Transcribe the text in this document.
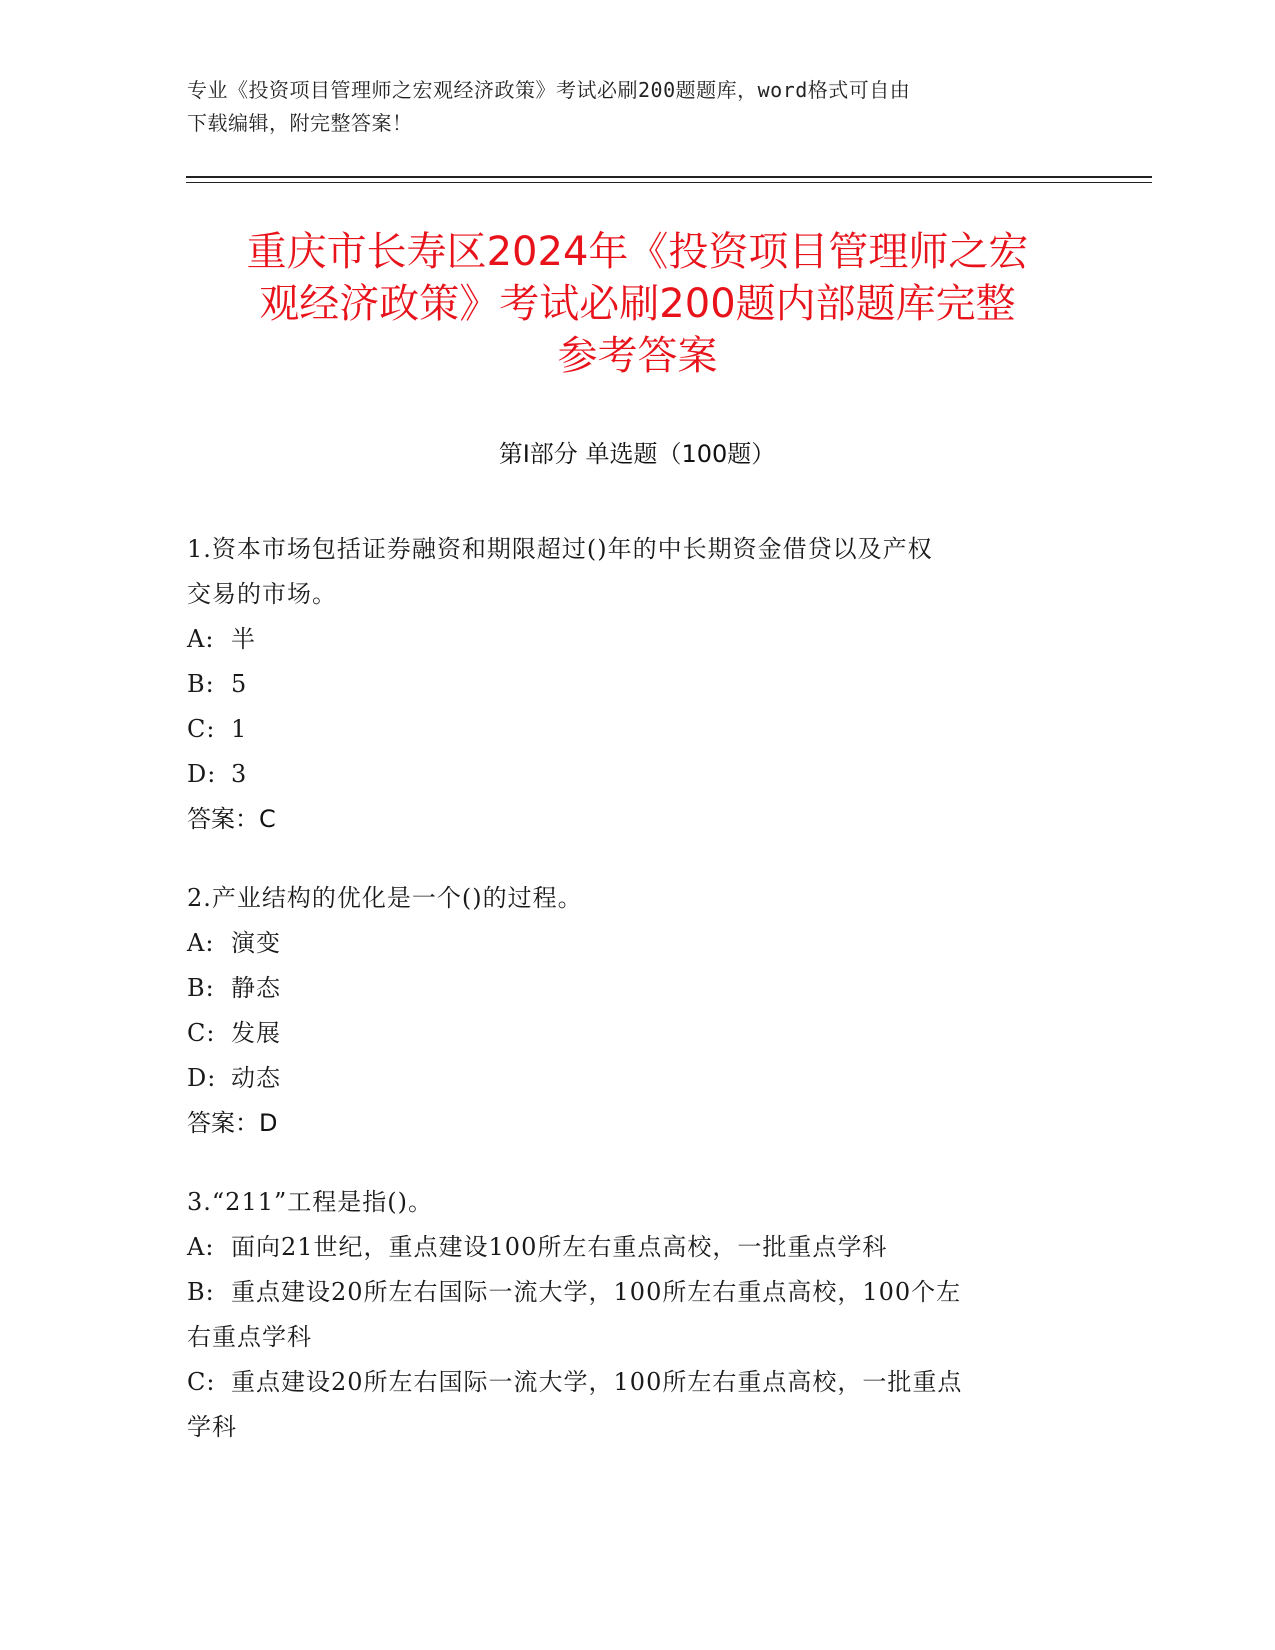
专业《投资项目管理师之宏观经济政策》考试必刷200题题库，word格式可自由
下载编辑，附完整答案！
重庆市长寿区2024年《投资项目管理师之宏
观经济政策》考试必刷200题内部题库完整
参考答案
第Ⅰ部分 单选题（100题）

1.资本市场包括证券融资和期限超过()年的中长期资金借贷以及产权

交易的市场。

A: 半

B: 5

C: 1

D: 3

答案：C

2.产业结构的优化是一个()的过程。

A: 演变

B: 静态

C: 发展

D: 动态

答案：D

3.“211”工程是指()。

A: 面向21世纪，重点建设100所左右重点高校，一批重点学科

B: 重点建设20所左右国际一流大学，100所左右重点高校，100个左

右重点学科

C: 重点建设20所左右国际一流大学，100所左右重点高校，一批重点

学科
